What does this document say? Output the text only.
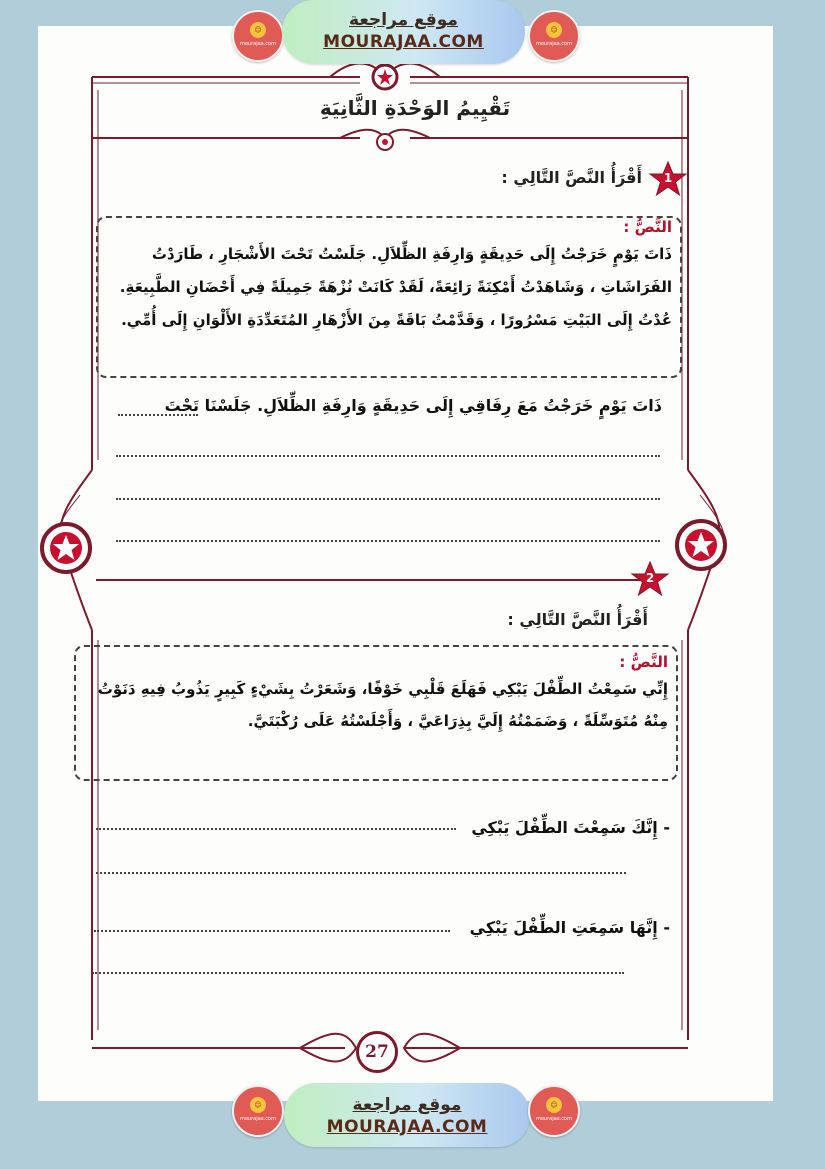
☺
mourajaa.com
موقع مراجعة
MOURAJAA.COM
☺
mourajaa.com
تَقْيِيمُ الوَحْدَةِ الثَّانِيَةِ
1
أَقْرَأُ النَّصَّ التَّالِي :
النَّصُّ :
ذَاتَ يَوْمٍ خَرَجْتُ إِلَى حَدِيقَةٍ وَارِفَةِ الظِّلاَلِ. جَلَسْتُ تَحْتَ الأَشْجَارِ ، طَارَدْتُ الفَرَاشَاتِ ، وَشَاهَدْتُ أَمْكِنَةً رَائِعَةً، لَقَدْ كَانَتْ نُزْهَةً جَمِيلَةً فِي أَحْضَانِ الطَّبِيعَةِ. عُدْتُ إِلَى البَيْتِ مَسْرُورًا ، وَقَدَّمْتُ بَاقَةً مِنَ الأَزْهَارِ المُتَعَدِّدَةِ الأَلْوَانِ إِلَى أُمِّي.
ذَاتَ يَوْمٍ خَرَجْتُ مَعَ رِفَاقِي إِلَى حَدِيقَةٍ وَارِفَةِ الظِّلاَلِ. جَلَسْنَا تَحْتَ
2
أَقْرَأُ النَّصَّ التَّالِي :
النَّصُّ :
إِنِّي سَمِعْتُ الطِّفْلَ يَبْكِي فَهَلَعَ قَلْبِي خَوْفًا، وَشَعَرْتُ بِشَيْءٍ كَبِيرٍ يَذُوبُ فِيهِ دَنَوْتُ مِنْهُ مُتَوَسِّلَةً ، وَضَمَمْتُهُ إِلَيَّ بِذِرَاعَيَّ ، وَأَجْلَسْتُهُ عَلَى رُكْبَتَيَّ.
- إِنَّكَ سَمِعْتَ الطِّفْلَ يَبْكِي
- إِنَّهَا سَمِعَتِ الطِّفْلَ يَبْكِي
27
☺
mourajaa.com
موقع مراجعة
MOURAJAA.COM
☺
mourajaa.com
